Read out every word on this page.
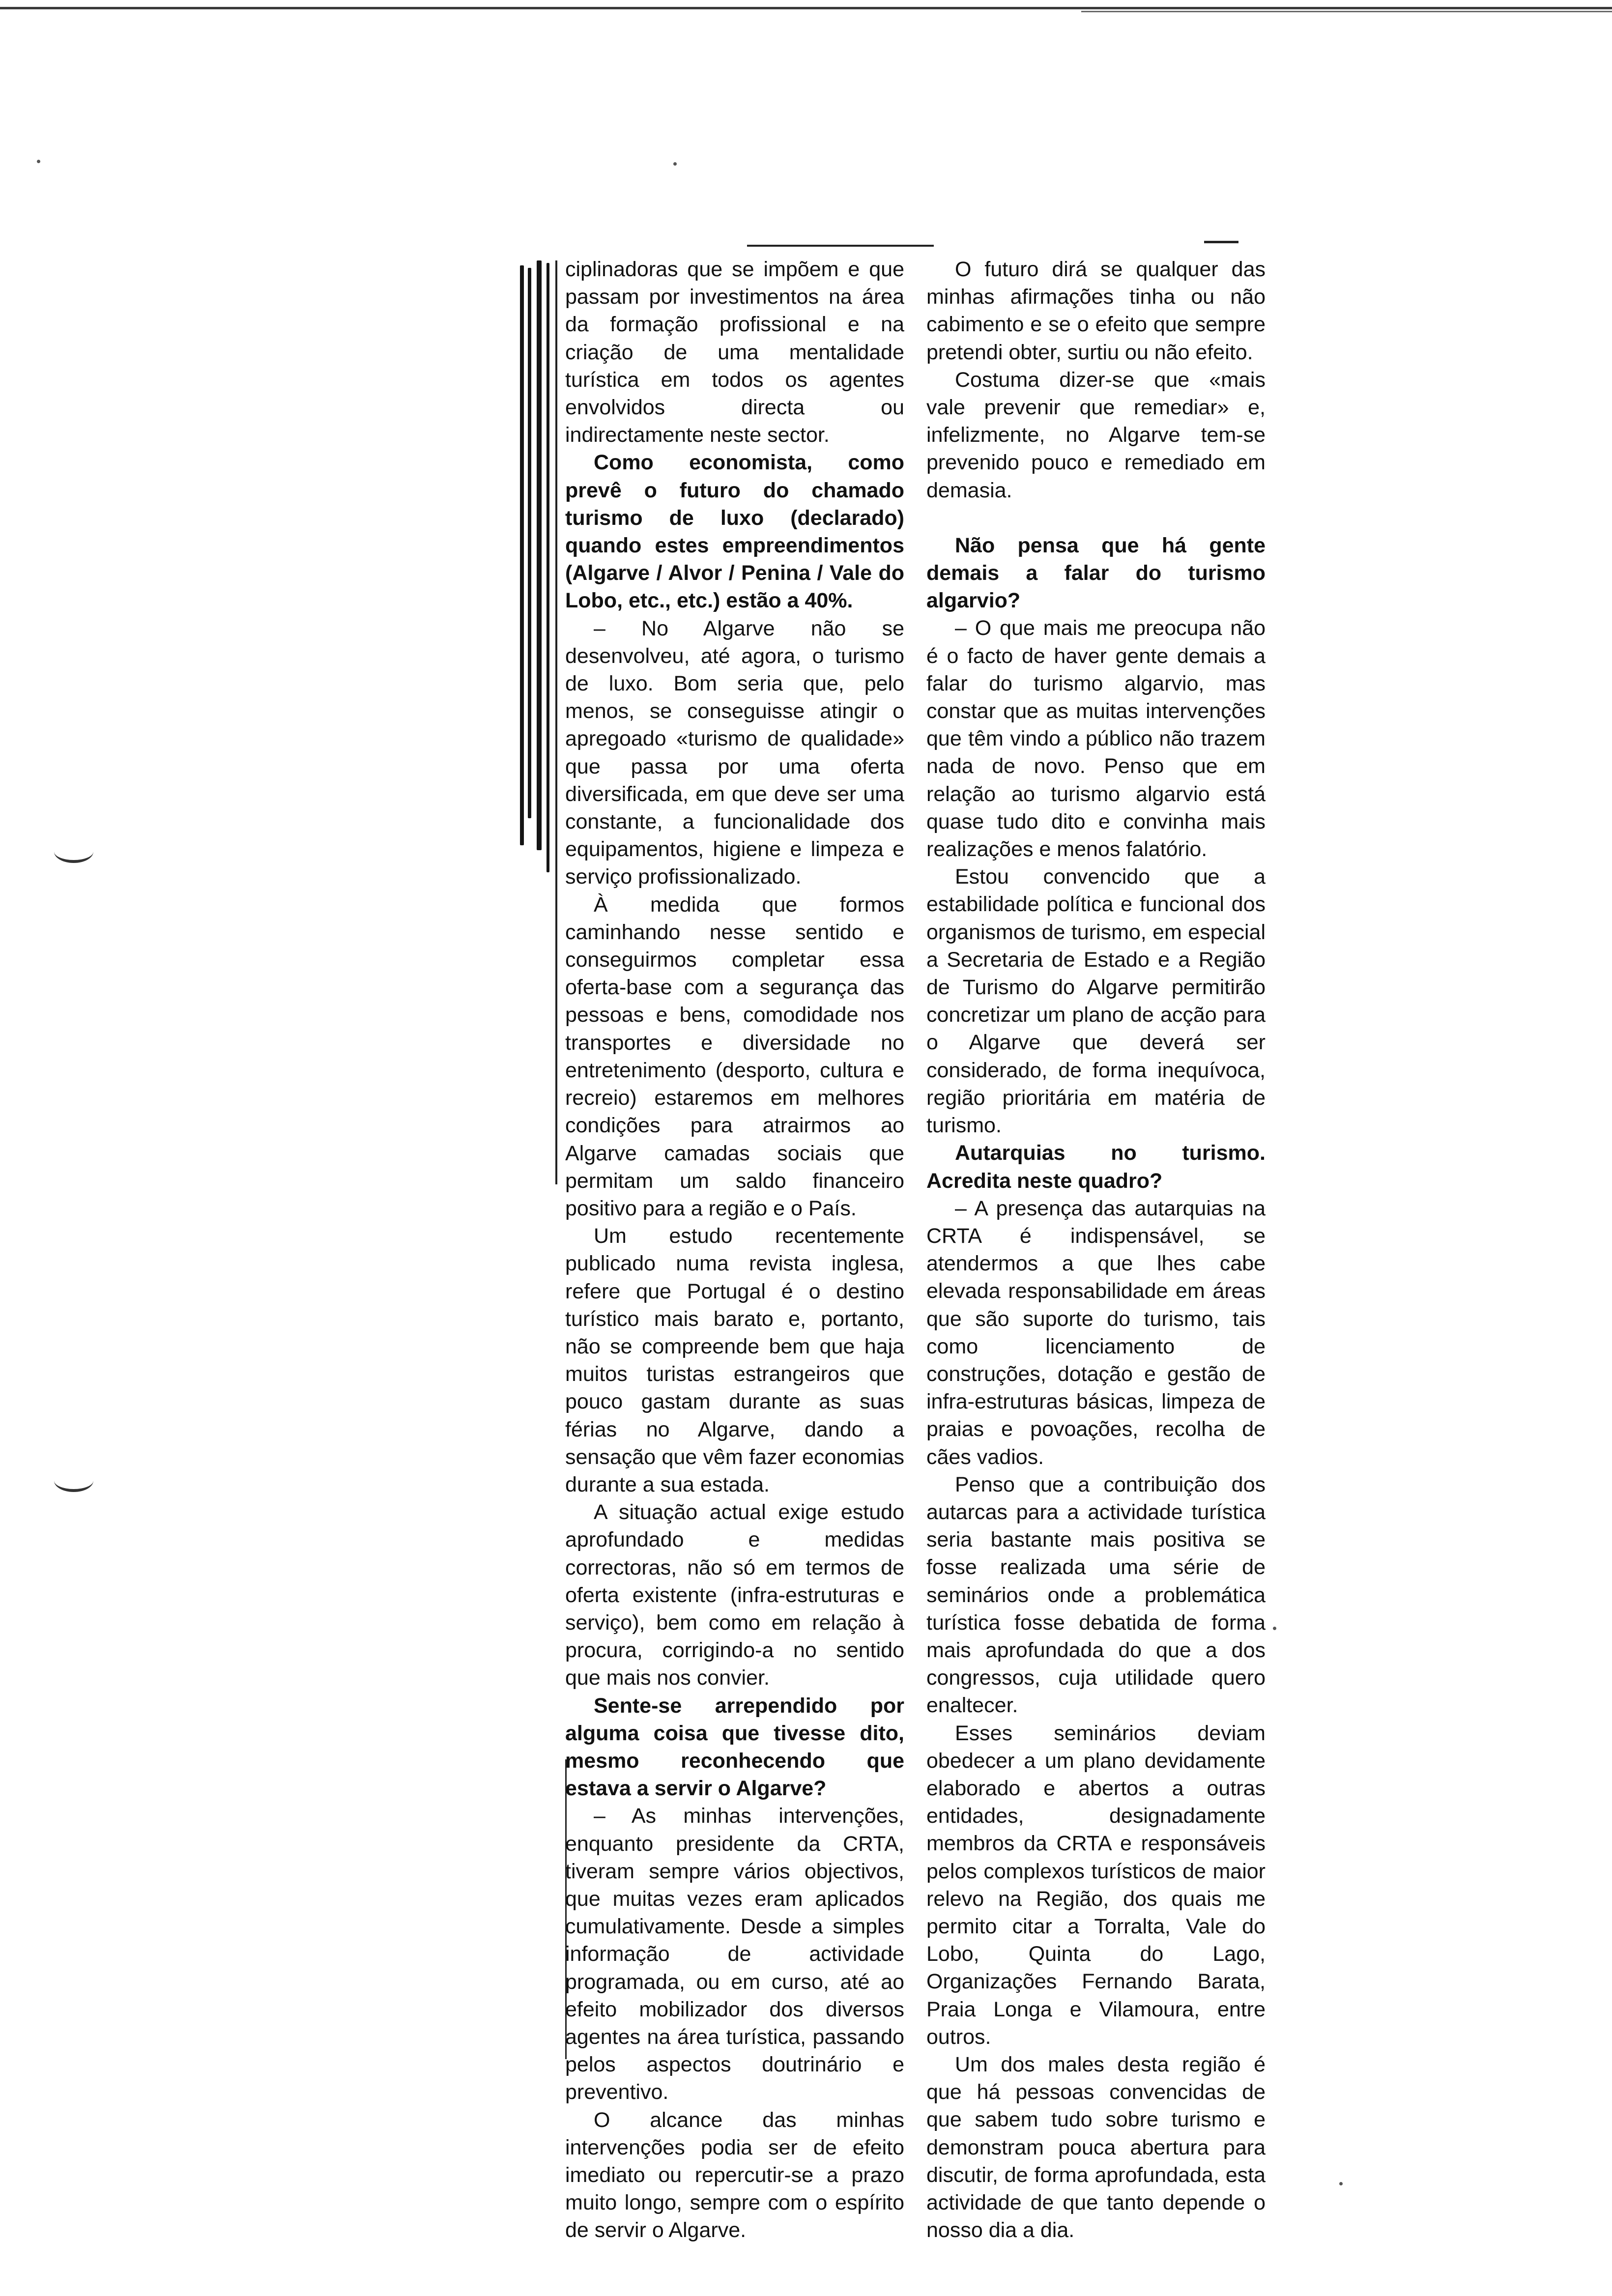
ciplinadoras que se impõem e que passam por investimentos na área da formação profissional e na criação de uma mentalidade turística em todos os agentes envolvidos directa ou indirectamente neste sector.

Como economista, como prevê o futuro do chamado turismo de luxo (declarado) quando estes empreendimentos (Algarve / Alvor / Penina / Vale do Lobo, etc., etc.) estão a 40%.

– No Algarve não se desenvolveu, até agora, o turismo de luxo. Bom seria que, pelo menos, se conseguisse atingir o apregoado «turismo de qualidade» que passa por uma oferta diversificada, em que deve ser uma constante, a funcionalidade dos equipamentos, higiene e limpeza e serviço profissionalizado.

À medida que formos caminhando nesse sentido e conseguirmos completar essa oferta-base com a segurança das pessoas e bens, comodidade nos transportes e diversidade no entretenimento (desporto, cultura e recreio) estaremos em melhores condições para atrairmos ao Algarve camadas sociais que permitam um saldo financeiro positivo para a região e o País.

Um estudo recentemente publicado numa revista inglesa, refere que Portugal é o destino turístico mais barato e, portanto, não se compreende bem que haja muitos turistas estrangeiros que pouco gastam durante as suas férias no Algarve, dando a sensação que vêm fazer economias durante a sua estada.

A situação actual exige estudo aprofundado e medidas correctoras, não só em termos de oferta existente (infra-estruturas e serviço), bem como em relação à procura, corrigindo-a no sentido que mais nos convier.

Sente-se arrependido por alguma coisa que tivesse dito, mesmo reconhecendo que estava a servir o Algarve?

– As minhas intervenções, enquanto presidente da CRTA, tiveram sempre vários objectivos, que muitas vezes eram aplicados cumulativamente. Desde a simples informação de actividade programada, ou em curso, até ao efeito mobilizador dos diversos agentes na área turística, passando pelos aspectos doutrinário e preventivo.

O alcance das minhas intervenções podia ser de efeito imediato ou repercutir-se a prazo muito longo, sempre com o espírito de servir o Algarve.

O futuro dirá se qualquer das minhas afirmações tinha ou não cabimento e se o efeito que sempre pretendi obter, surtiu ou não efeito.

Costuma dizer-se que «mais vale prevenir que remediar» e, infelizmente, no Algarve tem-se prevenido pouco e remediado em demasia.

Não pensa que há gente demais a falar do turismo algarvio?

– O que mais me preocupa não é o facto de haver gente demais a falar do turismo algarvio, mas constar que as muitas intervenções que têm vindo a público não trazem nada de novo. Penso que em relação ao turismo algarvio está quase tudo dito e convinha mais realizações e menos falatório.

Estou convencido que a estabilidade política e funcional dos organismos de turismo, em especial a Secretaria de Estado e a Região de Turismo do Algarve permitirão concretizar um plano de acção para o Algarve que deverá ser considerado, de forma inequívoca, região prioritária em matéria de turismo.

Autarquias no turismo. Acredita neste quadro?

– A presença das autarquias na CRTA é indispensável, se atendermos a que lhes cabe elevada responsabilidade em áreas que são suporte do turismo, tais como licenciamento de construções, dotação e gestão de infra-estruturas básicas, limpeza de praias e povoações, recolha de cães vadios.

Penso que a contribuição dos autarcas para a actividade turística seria bastante mais positiva se fosse realizada uma série de seminários onde a problemática turística fosse debatida de forma mais aprofundada do que a dos congressos, cuja utilidade quero enaltecer.

Esses seminários deviam obedecer a um plano devidamente elaborado e abertos a outras entidades, designadamente membros da CRTA e responsáveis pelos complexos turísticos de maior relevo na Região, dos quais me permito citar a Torralta, Vale do Lobo, Quinta do Lago, Organizações Fernando Barata, Praia Longa e Vilamoura, entre outros.

Um dos males desta região é que há pessoas convencidas de que sabem tudo sobre turismo e demonstram pouca abertura para discutir, de forma aprofundada, esta actividade de que tanto depende o nosso dia a dia.
